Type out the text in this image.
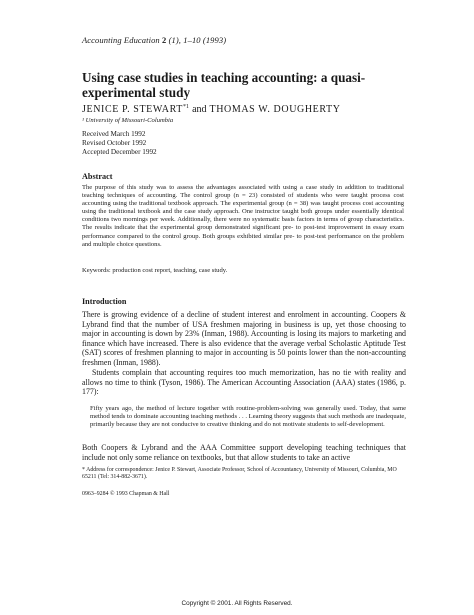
Accounting Education 2 (1), 1–10 (1993)
Using case studies in teaching accounting: a quasi-experimental study
JENICE P. STEWART$^{*1}$ and THOMAS W. DOUGHERTY
¹ University of Missouri-Columbia
Received March 1992
Revised October 1992
Accepted December 1992
Abstract
The purpose of this study was to assess the advantages associated with using a case study in addition to traditional teaching techniques of accounting. The control group (n = 23) consisted of students who were taught process cost accounting using the traditional textbook approach. The experimental group (n = 38) was taught process cost accounting using the traditional textbook and the case study approach. One instructor taught both groups under essentially identical conditions two mornings per week. Additionally, there were no systematic basis factors in terms of group characteristics. The results indicate that the experimental group demonstrated significant pre- to post-test improvement in essay exam performance compared to the control group. Both groups exhibited similar pre- to post-test performance on the problem and multiple choice questions.
Keywords: production cost report, teaching, case study.
Introduction
There is growing evidence of a decline of student interest and enrolment in accounting. Coopers & Lybrand find that the number of USA freshmen majoring in business is up, yet those choosing to major in accounting is down by 23% (Inman, 1988). Accounting is losing its majors to marketing and finance which have increased. There is also evidence that the average verbal Scholastic Aptitude Test (SAT) scores of freshmen planning to major in accounting is 50 points lower than the non-accounting freshmen (Inman, 1988).
Students complain that accounting requires too much memorization, has no tie with reality and allows no time to think (Tyson, 1986). The American Accounting Association (AAA) states (1986, p. 177):
Fifty years ago, the method of lecture together with routine-problem-solving was generally used. Today, that same method tends to dominate accounting teaching methods . . . Learning theory suggests that such methods are inadequate, primarily because they are not conducive to creative thinking and do not motivate students to self-development.
Both Coopers & Lybrand and the AAA Committee support developing teaching techniques that include not only some reliance on textbooks, but that allow students to take an active
* Address for correspondence: Jenice P. Stewart, Associate Professor, School of Accountancy, University of Missouri, Columbia, MO 65211 (Tel: 314-882-3671).
0963–9284 © 1993 Chapman & Hall
Copyright © 2001. All Rights Reserved.
